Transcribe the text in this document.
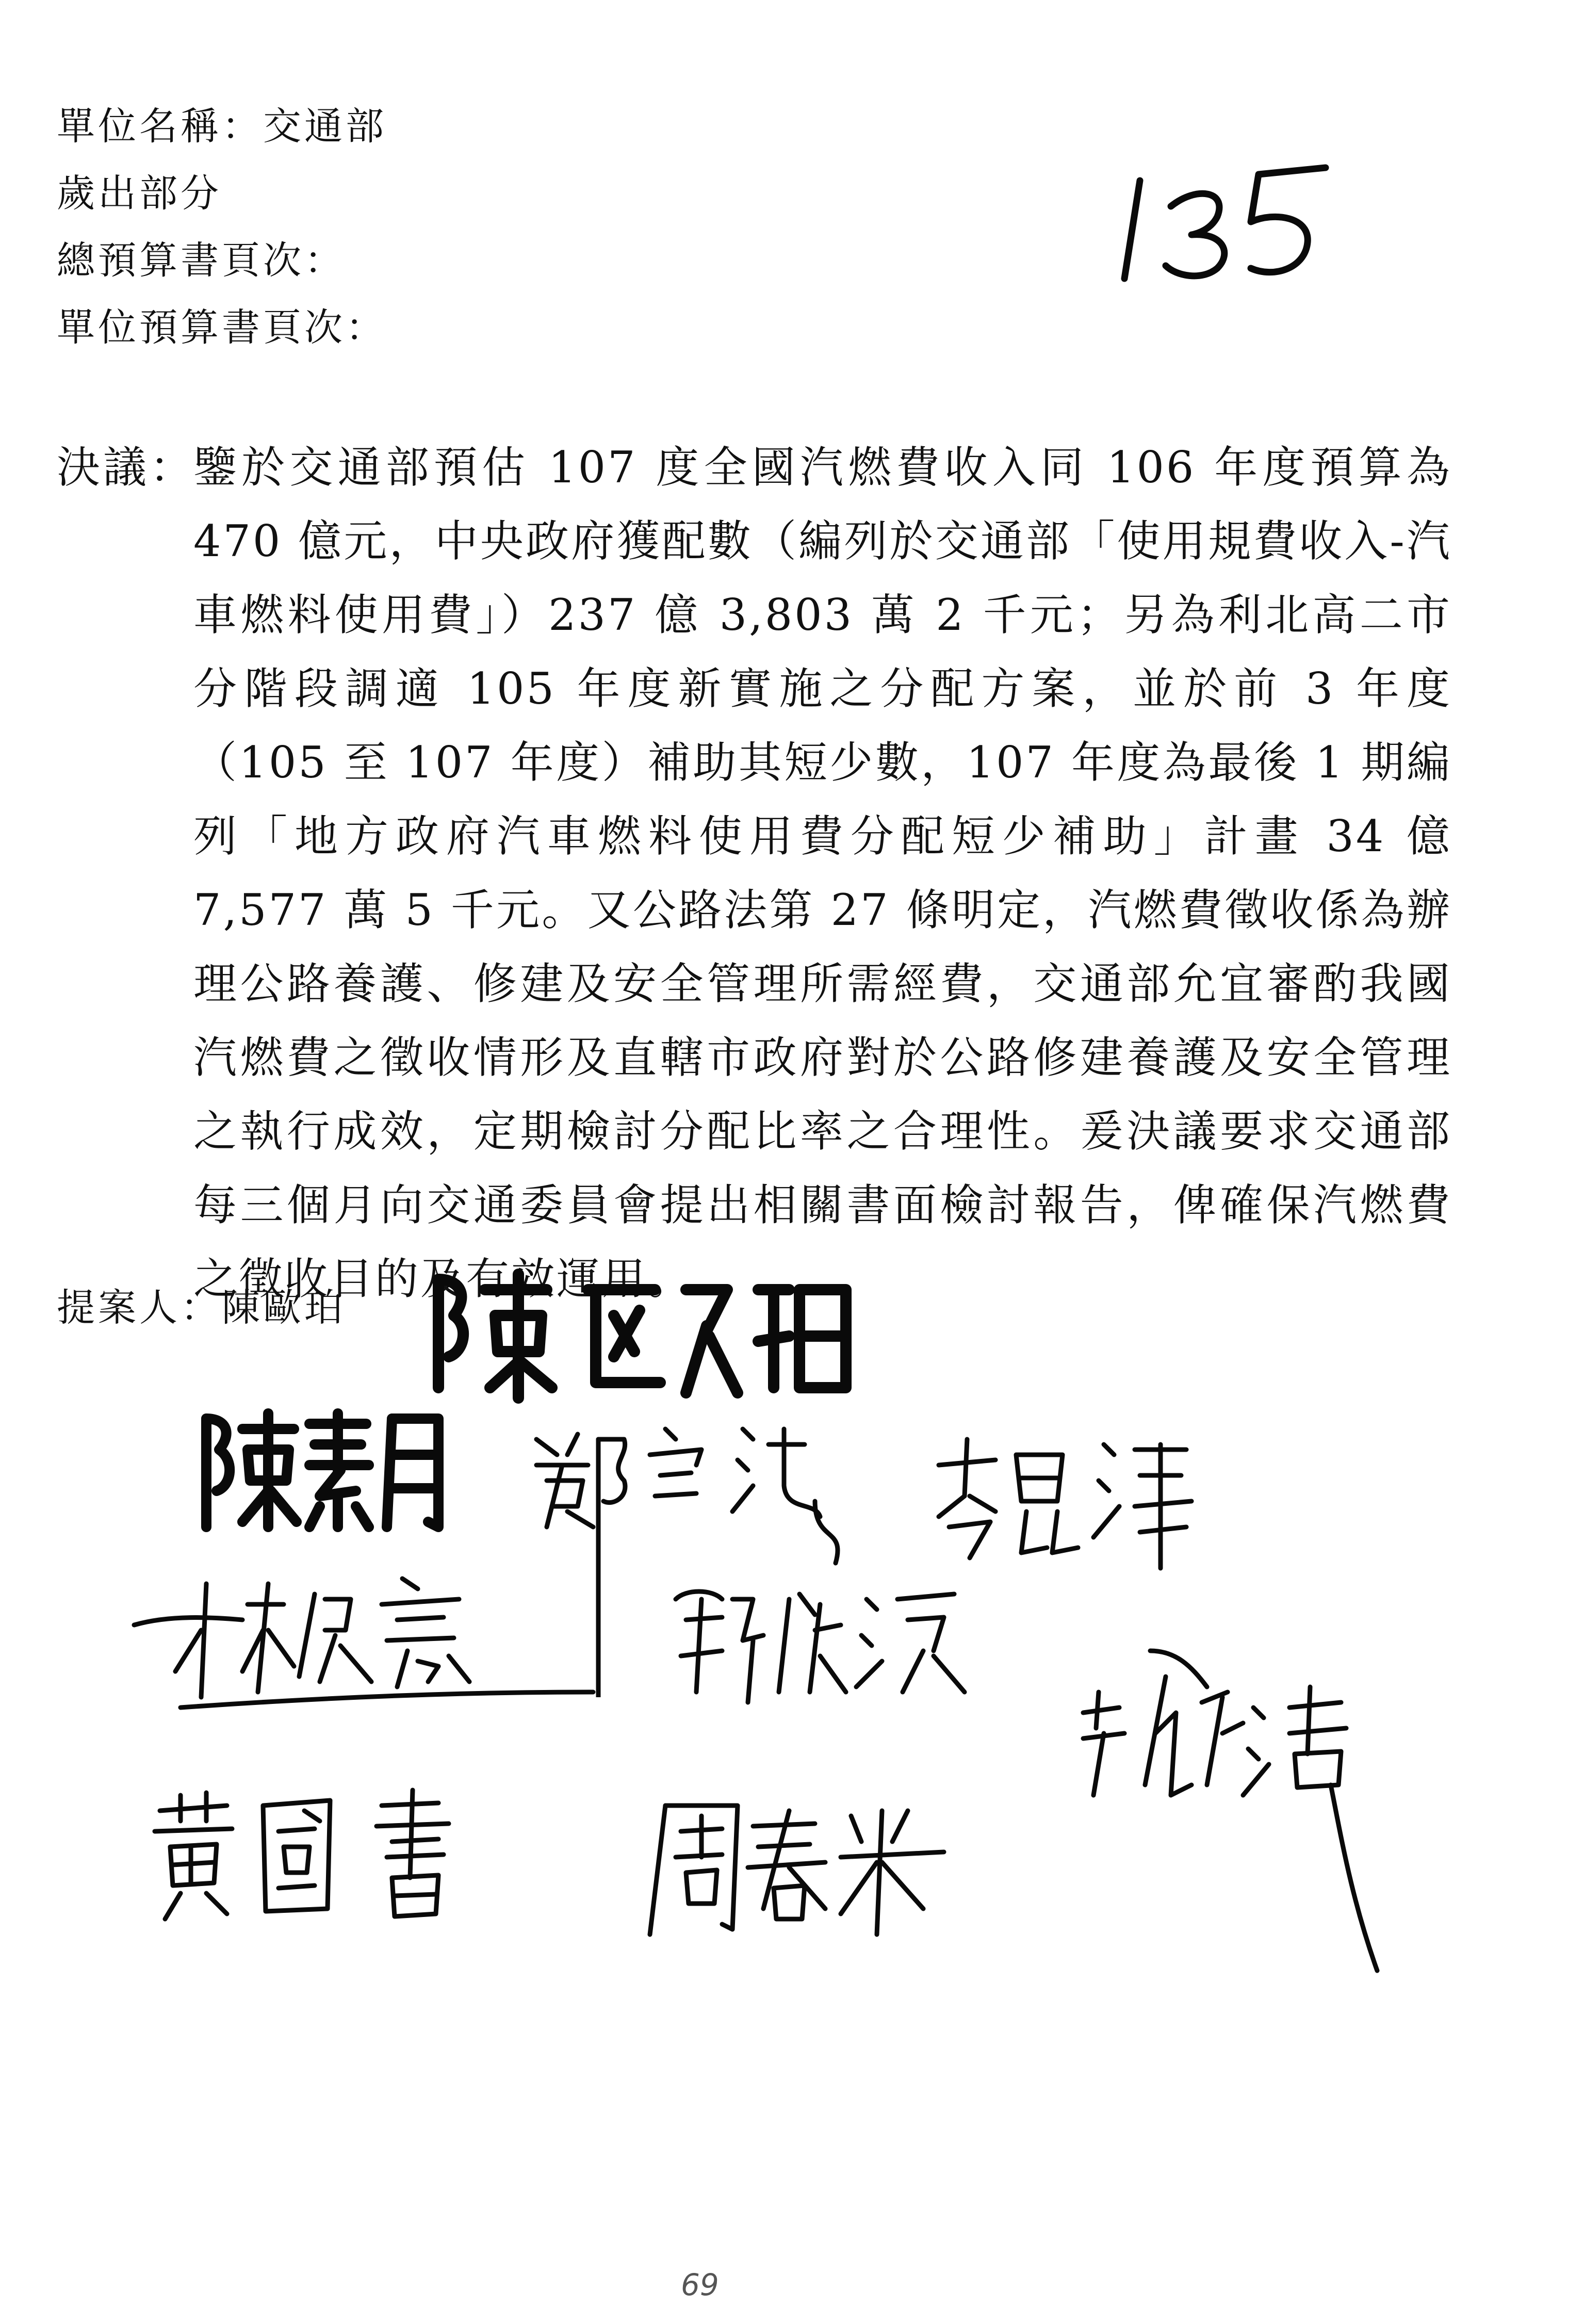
單位名稱：交通部
歲出部分
總預算書頁次：
單位預算書頁次：
決議：
鑒於交通部預估 107 度全國汽燃費收入同 106 年度預算為 470 億元，中央政府獲配數（編列於交通部「使用規費收入-汽車燃料使用費」）237 億 3,803 萬 2 千元；另為利北高二市分階段調適 105 年度新實施之分配方案，並於前 3 年度（105 至 107 年度）補助其短少數，107 年度為最後 1 期編列「地方政府汽車燃料使用費分配短少補助」計畫 34 億 7,577 萬 5 千元。又公路法第 27 條明定，汽燃費徵收係為辦理公路養護、修建及安全管理所需經費，交通部允宜審酌我國汽燃費之徵收情形及直轄市政府對於公路修建養護及安全管理之執行成效，定期檢討分配比率之合理性。爰決議要求交通部每三個月向交通委員會提出相關書面檢討報告，俾確保汽燃費之徵收目的及有效運用。
提案人：陳歐珀
69
